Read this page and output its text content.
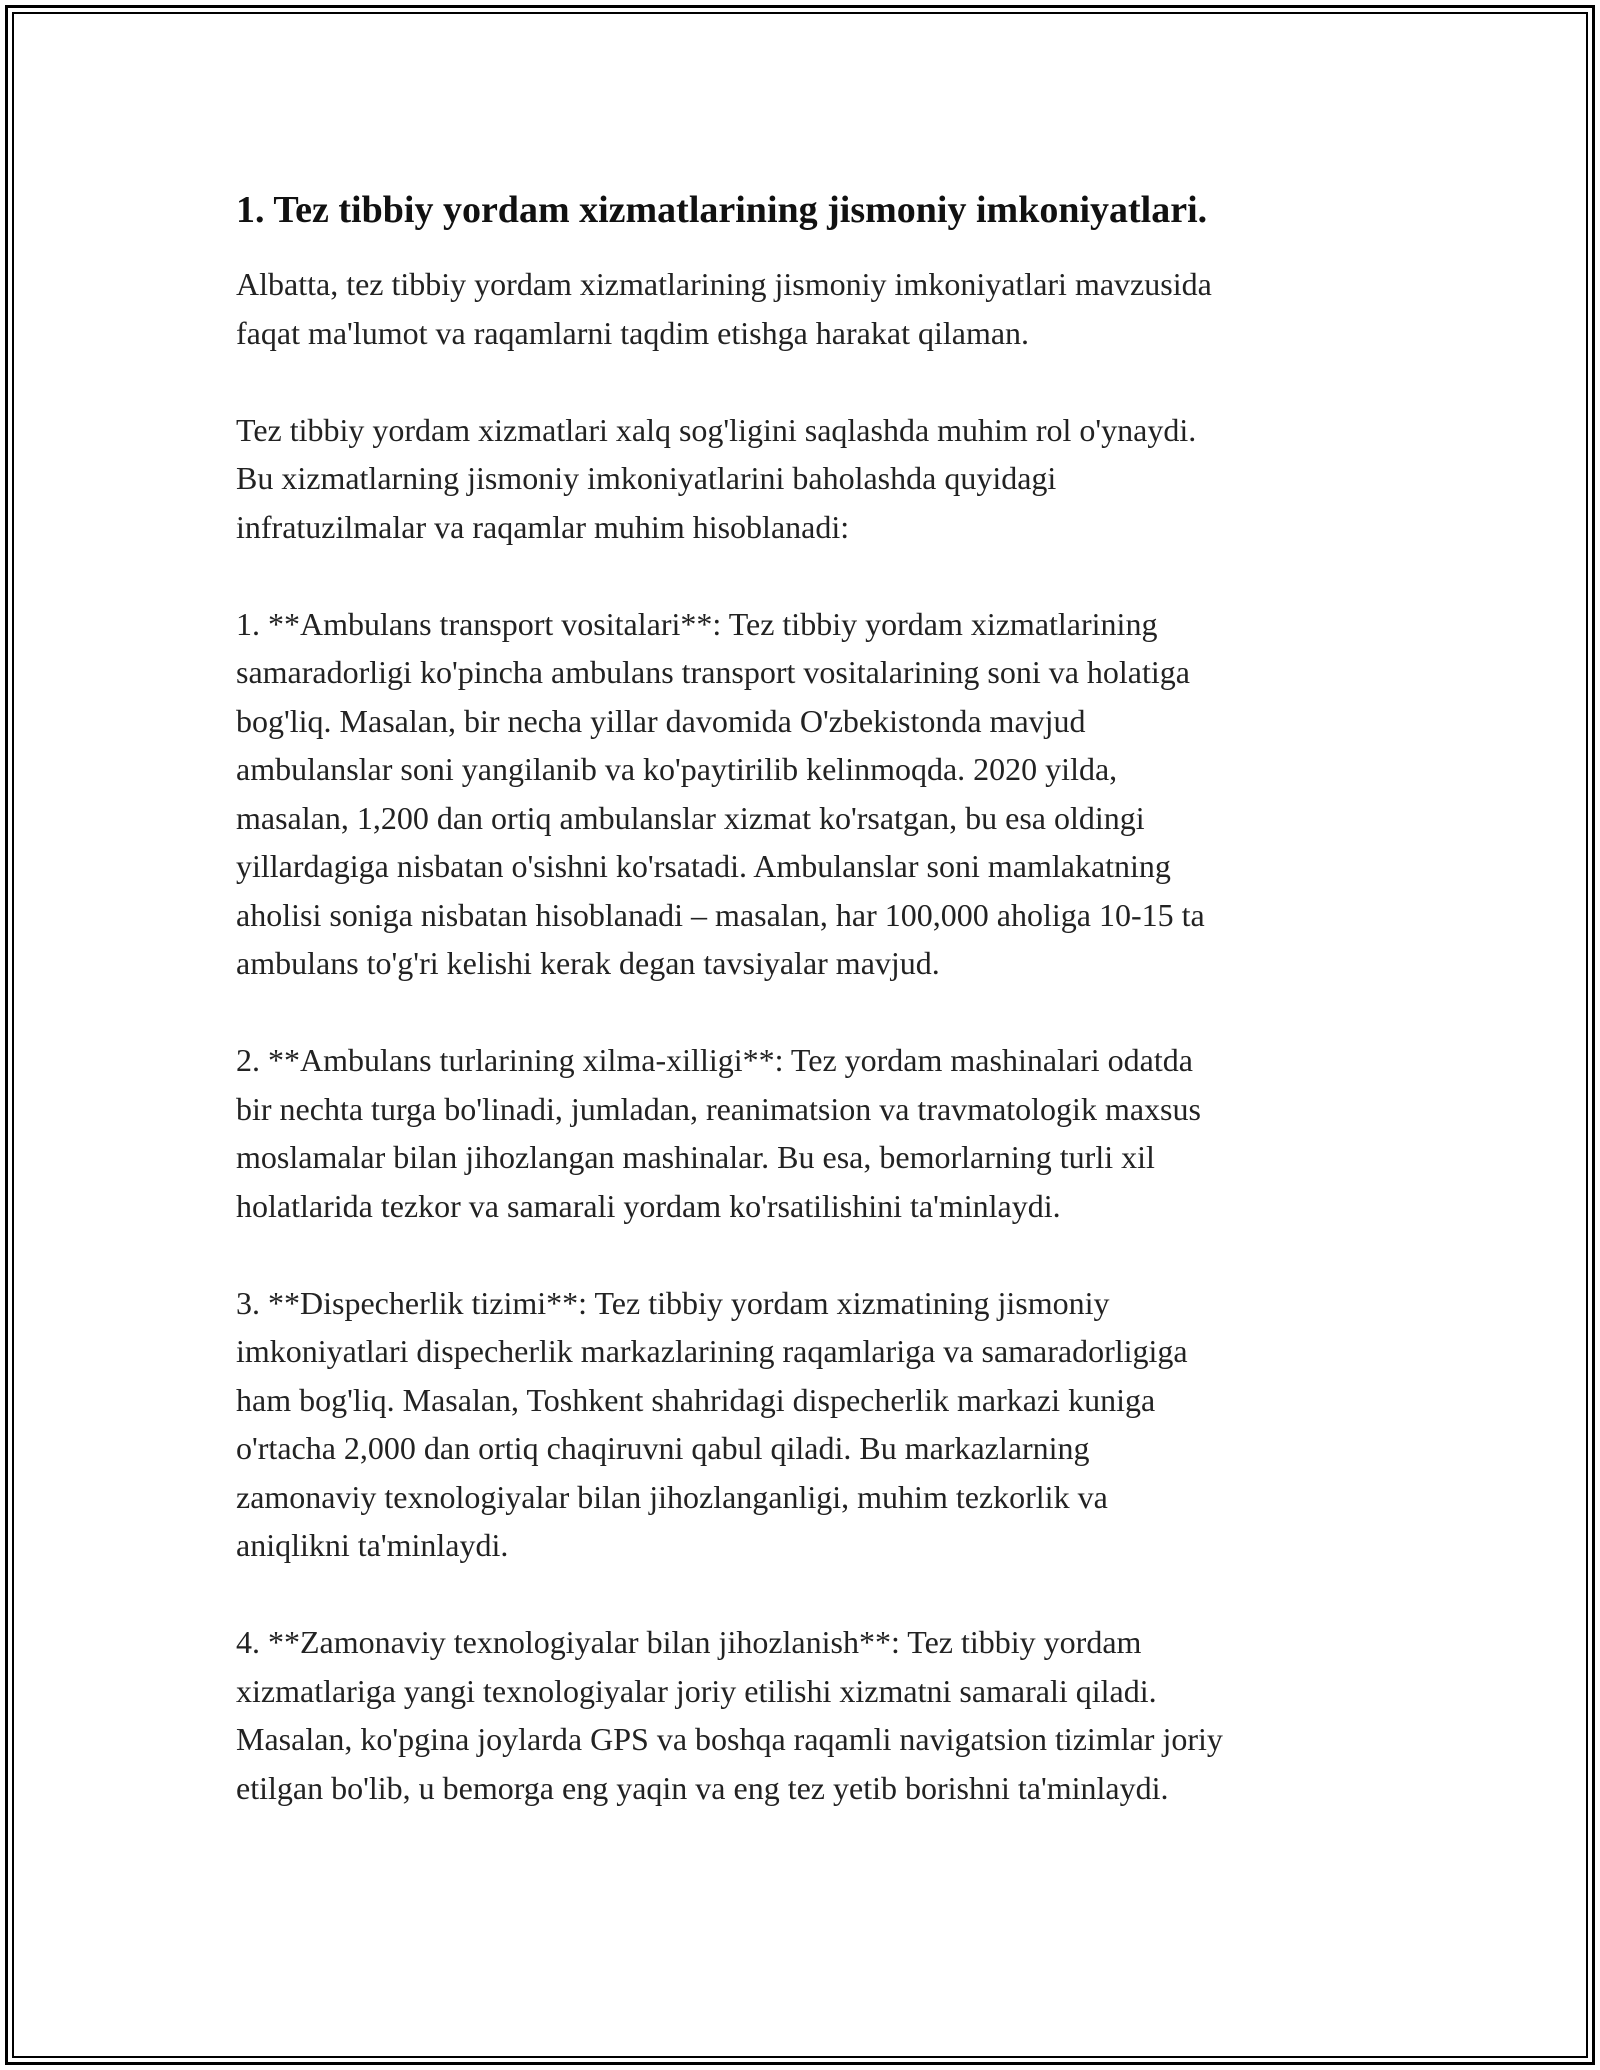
1. Tez tibbiy yordam xizmatlarining jismoniy imkoniyatlari.

Albatta, tez tibbiy yordam xizmatlarining jismoniy imkoniyatlari mavzusida
faqat ma'lumot va raqamlarni taqdim etishga harakat qilaman.

Tez tibbiy yordam xizmatlari xalq sog'ligini saqlashda muhim rol o'ynaydi.
Bu xizmatlarning jismoniy imkoniyatlarini baholashda quyidagi
infratuzilmalar va raqamlar muhim hisoblanadi:

1. **Ambulans transport vositalari**: Tez tibbiy yordam xizmatlarining
samaradorligi ko'pincha ambulans transport vositalarining soni va holatiga
bog'liq. Masalan, bir necha yillar davomida O'zbekistonda mavjud
ambulanslar soni yangilanib va ko'paytirilib kelinmoqda. 2020 yilda,
masalan, 1,200 dan ortiq ambulanslar xizmat ko'rsatgan, bu esa oldingi
yillardagiga nisbatan o'sishni ko'rsatadi. Ambulanslar soni mamlakatning
aholisi soniga nisbatan hisoblanadi – masalan, har 100,000 aholiga 10-15 ta
ambulans to'g'ri kelishi kerak degan tavsiyalar mavjud.

2. **Ambulans turlarining xilma-xilligi**: Tez yordam mashinalari odatda
bir nechta turga bo'linadi, jumladan, reanimatsion va travmatologik maxsus
moslamalar bilan jihozlangan mashinalar. Bu esa, bemorlarning turli xil
holatlarida tezkor va samarali yordam ko'rsatilishini ta'minlaydi.

3. **Dispecherlik tizimi**: Tez tibbiy yordam xizmatining jismoniy
imkoniyatlari dispecherlik markazlarining raqamlariga va samaradorligiga
ham bog'liq. Masalan, Toshkent shahridagi dispecherlik markazi kuniga
o'rtacha 2,000 dan ortiq chaqiruvni qabul qiladi. Bu markazlarning
zamonaviy texnologiyalar bilan jihozlanganligi, muhim tezkorlik va
aniqlikni ta'minlaydi.

4. **Zamonaviy texnologiyalar bilan jihozlanish**: Tez tibbiy yordam
xizmatlariga yangi texnologiyalar joriy etilishi xizmatni samarali qiladi.
Masalan, ko'pgina joylarda GPS va boshqa raqamli navigatsion tizimlar joriy
etilgan bo'lib, u bemorga eng yaqin va eng tez yetib borishni ta'minlaydi.
